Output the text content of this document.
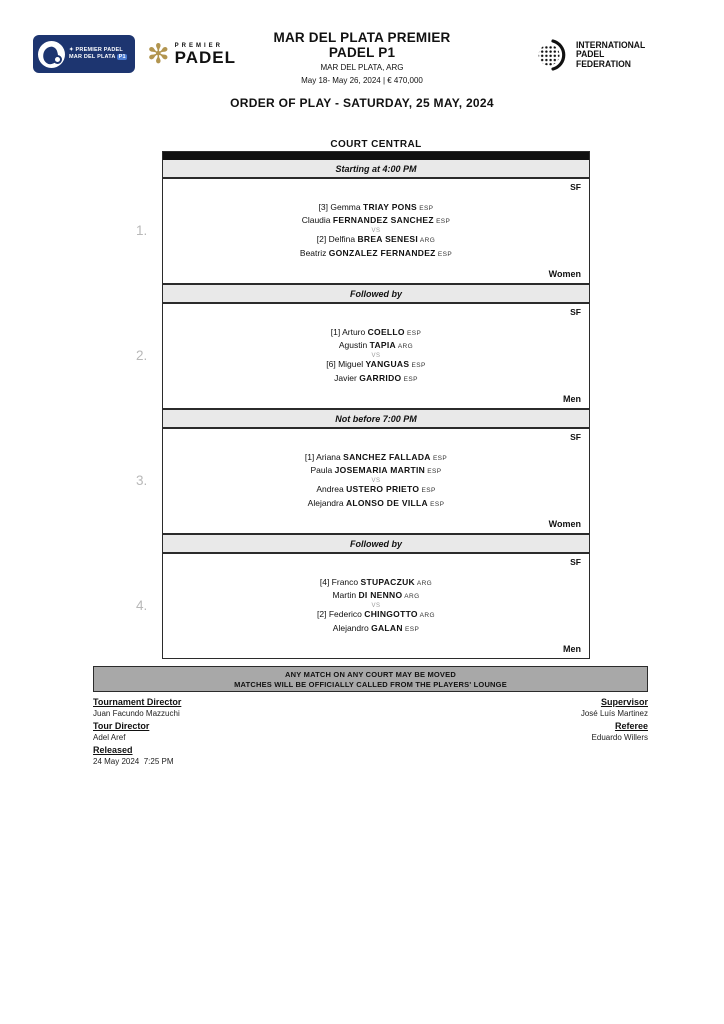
✦ PREMIER PADEL
MAR DEL PLATA P1 ✻ PREMIER
PADEL
MAR DEL PLATA PREMIER PADEL P1
MAR DEL PLATA, ARG
May 18- May 26, 2024 | € 470,000
INTERNATIONAL
PADEL
FEDERATION
ORDER OF PLAY - SATURDAY, 25 MAY, 2024
COURT CENTRAL
Starting at 4:00 PM
1.
SF
[3] Gemma TRIAY PONS ESP
Claudia FERNANDEZ SANCHEZ ESP
VS
[2] Delfina BREA SENESI ARG
Beatriz GONZALEZ FERNANDEZ ESP
Women
Followed by
2.
SF
[1] Arturo COELLO ESP
Agustin TAPIA ARG
VS
[6] Miguel YANGUAS ESP
Javier GARRIDO ESP
Men
Not before 7:00 PM
3.
SF
[1] Ariana SANCHEZ FALLADA ESP
Paula JOSEMARIA MARTIN ESP
VS
Andrea USTERO PRIETO ESP
Alejandra ALONSO DE VILLA ESP
Women
Followed by
4.
SF
[4] Franco STUPACZUK ARG
Martin DI NENNO ARG
VS
[2] Federico CHINGOTTO ARG
Alejandro GALAN ESP
Men
ANY MATCH ON ANY COURT MAY BE MOVED
MATCHES WILL BE OFFICIALLY CALLED FROM THE PLAYERS' LOUNGE
Tournament Director
Juan Facundo Mazzuchi
Tour Director
Adel Aref
Released
24 May 2024  7:25 PM
Supervisor
José Luís Martinez
Referee
Eduardo Willers
